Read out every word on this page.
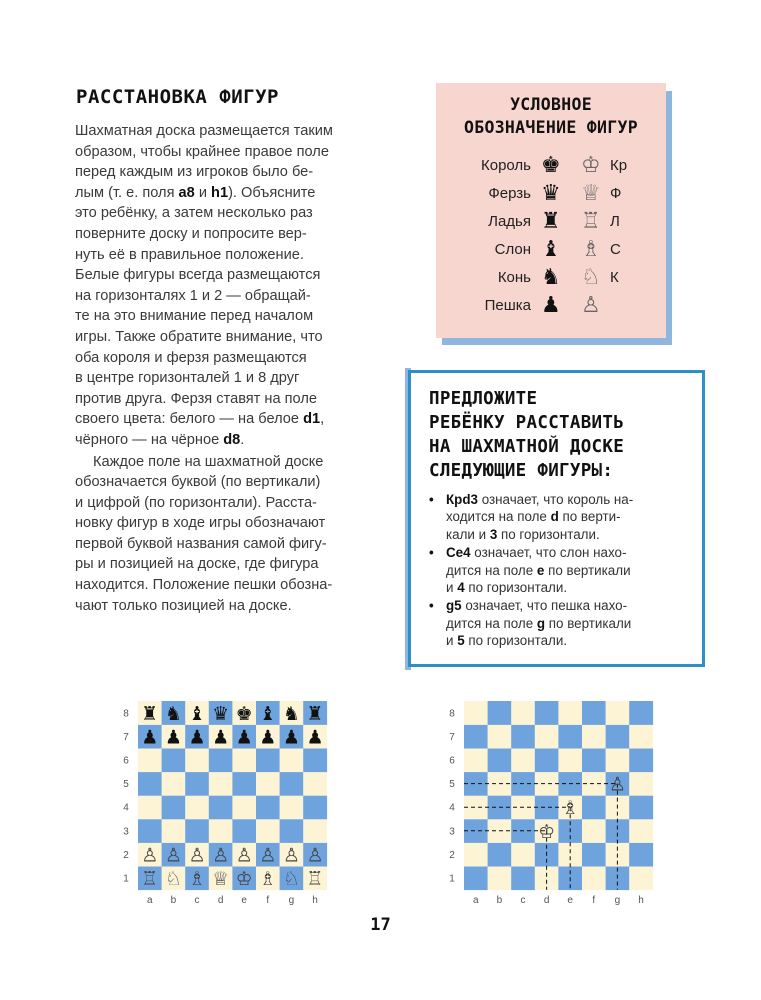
РАССТАНОВКА ФИГУР

Шахматная доска размещается таким
образом, чтобы крайнее правое поле
перед каждым из игроков было бе-
лым (т. е. поля a8 и h1). Объясните
это ребёнку, а затем несколько раз
поверните доску и попросите вер-
нуть её в правильное положение.
Белые фигуры всегда размещаются
на горизонталях 1 и 2 — обращай-
те на это внимание перед началом
игры. Также обратите внимание, что
оба короля и ферзя размещаются
в центре горизонталей 1 и 8 друг
против друга. Ферзя ставят на поле
своего цвета: белого — на белое d1,
чёрного — на чёрное d8.

Каждое поле на шахматной доске
обозначается буквой (по вертикали)
и цифрой (по горизонтали). Расста-
новку фигур в ходе игры обозначают
первой буквой названия самой фигу-
ры и позицией на доске, где фигура
находится. Положение пешки обозна-
чают только позицией на доске.

УСЛОВНОЕ
ОБОЗНАЧЕНИЕ ФИГУР
Король ♚ ♔ Кр
Ферзь ♛ ♕ Ф
Ладья ♜ ♖ Л
Слон ♝ ♗ С
Конь ♞ ♘ К
Пешка ♟ ♙
ПРЕДЛОЖИТЕ
РЕБЁНКУ РАССТАВИТЬ
НА ШАХМАТНОЙ ДОСКЕ
СЛЕДУЮЩИЕ ФИГУРЫ:
• Крd3 означает, что король на-
ходится на поле d по верти-
кали и 3 по горизонтали.
• Сe4 означает, что слон нахо-
дится на поле e по вертикали
и 4 по горизонтали.
• g5 означает, что пешка нахо-
дится на поле g по вертикали
и 5 по горизонтали.
a b c d e f g h
1
2
3
4
5
6
7
8 ♜ ♞ ♝ ♛ ♚ ♝ ♞ ♜
♟ ♟ ♟ ♟ ♟ ♟ ♟ ♟
♙ ♙ ♙ ♙ ♙ ♙ ♙ ♙
♖ ♘ ♗ ♕ ♔ ♗ ♘ ♖
a b c d e f g h
1
2
3
4
5
6
7
8
♔
♗
♙
17
